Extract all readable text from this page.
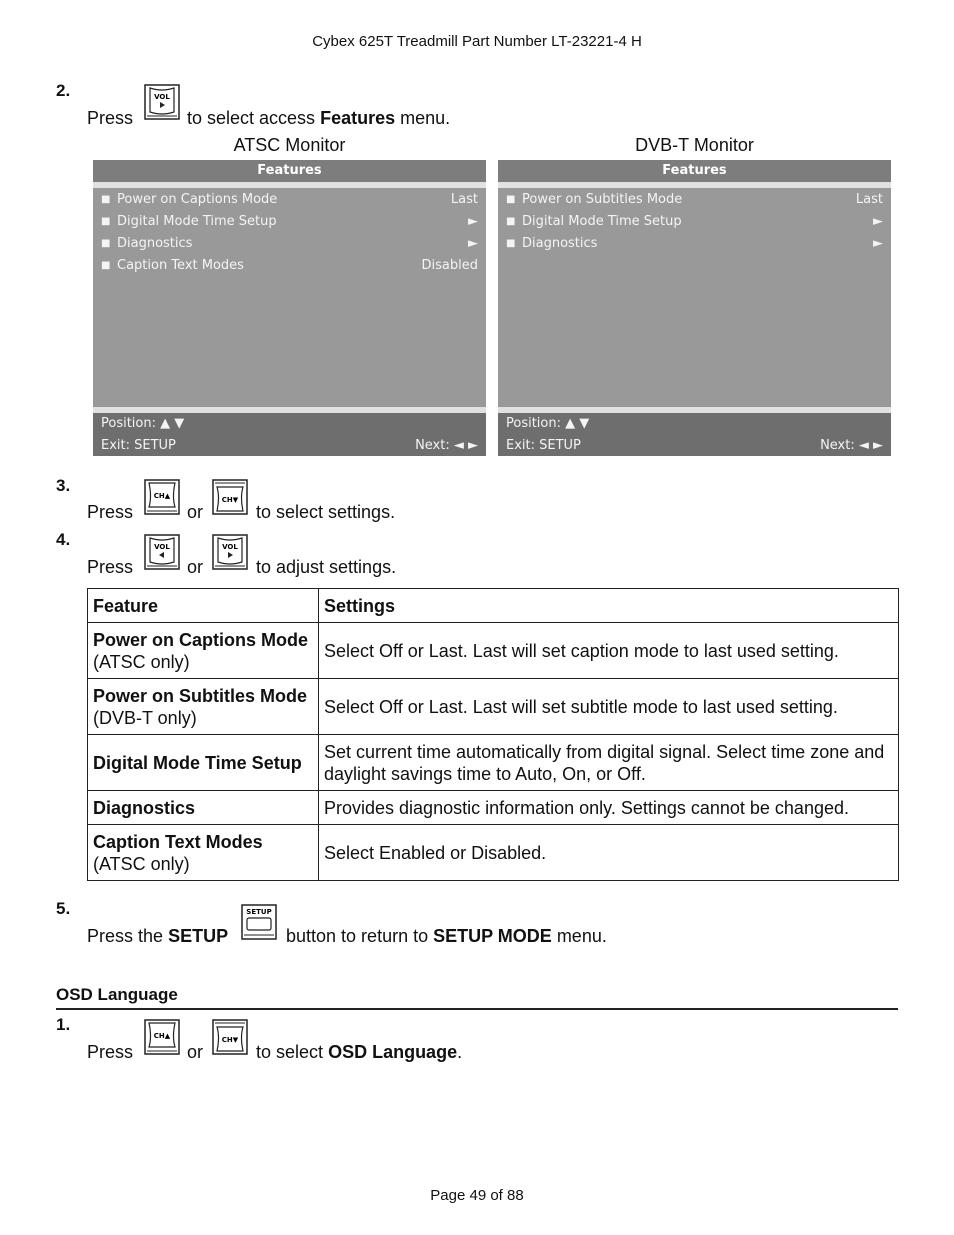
Cybex 625T Treadmill Part Number LT-23221-4 H
2.
Press
VOL
to select access Features menu.
ATSC Monitor	DVB-T Monitor
Features
■ Power on Captions Mode	Last
■ Digital Mode Time Setup	►
■ Diagnostics	►
■ Caption Text Modes	Disabled
Position: ▲ ▼
Exit: SETUP	Next: ◄ ►
Features
■ Power on Subtitles Mode	Last
■ Digital Mode Time Setup	►
■ Diagnostics	►
Position: ▲ ▼
Exit: SETUP	Next: ◄ ►
3.
Press
CH▲
or
CH▼
to select settings.
4.
Press
VOL
or
VOL
to adjust settings.
Feature	Settings

Power on Captions Mode
(ATSC only)	Select Off or Last. Last will set caption mode to last used setting.

Power on Subtitles Mode
(DVB-T only)	Select Off or Last. Last will set subtitle mode to last used setting.

Digital Mode Time Setup	Set current time automatically from digital signal. Select time zone and daylight savings time to Auto, On, or Off.

Diagnostics	Provides diagnostic information only. Settings cannot be changed.

Caption Text Modes
(ATSC only)	Select Enabled or Disabled.
5.
Press the SETUP
SETUP
button to return to SETUP MODE menu.
OSD Language
1.
Press
CH▲
or
CH▼
to select OSD Language.
Page 49 of 88
